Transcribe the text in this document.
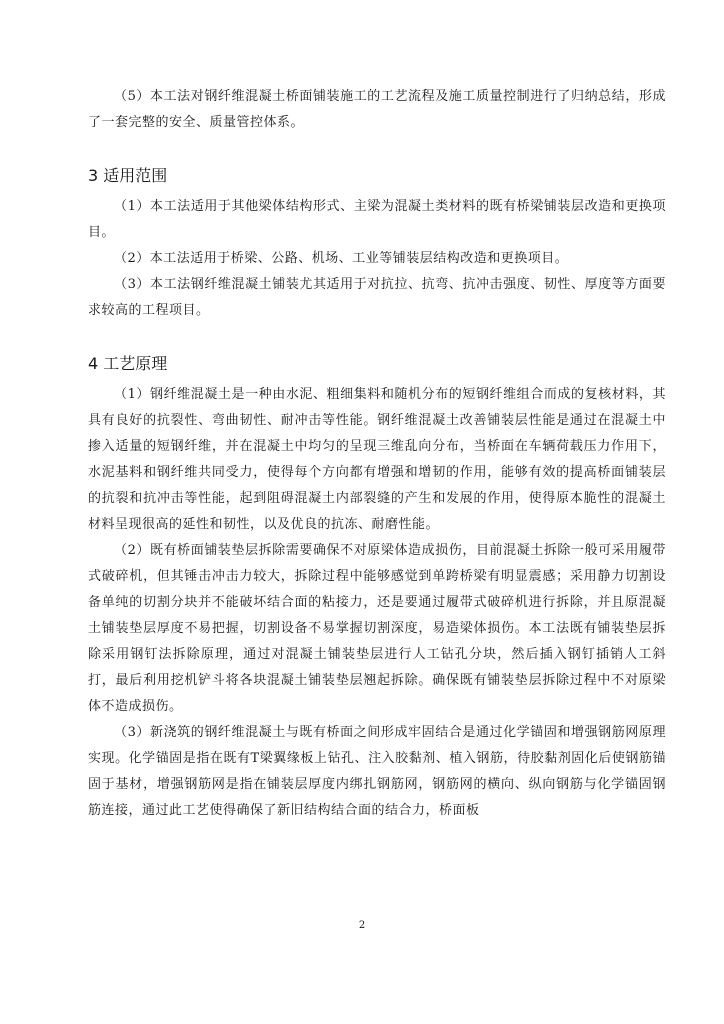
（5）本工法对钢纤维混凝土桥面铺装施工的工艺流程及施工质量控制进行了归纳总结，形成了一套完整的安全、质量管控体系。

3 适用范围

（1）本工法适用于其他梁体结构形式、主梁为混凝土类材料的既有桥梁铺装层改造和更换项目。

（2）本工法适用于桥梁、公路、机场、工业等铺装层结构改造和更换项目。

（3）本工法钢纤维混凝土铺装尤其适用于对抗拉、抗弯、抗冲击强度、韧性、厚度等方面要求较高的工程项目。

4 工艺原理

（1）钢纤维混凝土是一种由水泥、粗细集料和随机分布的短钢纤维组合而成的复核材料，其具有良好的抗裂性、弯曲韧性、耐冲击等性能。钢纤维混凝土改善铺装层性能是通过在混凝土中掺入适量的短钢纤维，并在混凝土中均匀的呈现三维乱向分布，当桥面在车辆荷载压力作用下，水泥基料和钢纤维共同受力，使得每个方向都有增强和增韧的作用，能够有效的提高桥面铺装层的抗裂和抗冲击等性能，起到阻碍混凝土内部裂缝的产生和发展的作用，使得原本脆性的混凝土材料呈现很高的延性和韧性，以及优良的抗冻、耐磨性能。

（2）既有桥面铺装垫层拆除需要确保不对原梁体造成损伤，目前混凝土拆除一般可采用履带式破碎机，但其锤击冲击力较大，拆除过程中能够感觉到单跨桥梁有明显震感；采用静力切割设备单纯的切割分块并不能破坏结合面的粘接力，还是要通过履带式破碎机进行拆除，并且原混凝土铺装垫层厚度不易把握，切割设备不易掌握切割深度，易造梁体损伤。本工法既有铺装垫层拆除采用钢钉法拆除原理，通过对混凝土铺装垫层进行人工钻孔分块，然后插入钢钉插销人工斜打，最后利用挖机铲斗将各块混凝土铺装垫层翘起拆除。确保既有铺装垫层拆除过程中不对原梁体不造成损伤。

（3）新浇筑的钢纤维混凝土与既有桥面之间形成牢固结合是通过化学锚固和增强钢筋网原理实现。化学锚固是指在既有T梁翼缘板上钻孔、注入胶黏剂、植入钢筋，待胶黏剂固化后使钢筋锚固于基材，增强钢筋网是指在铺装层厚度内绑扎钢筋网，钢筋网的横向、纵向钢筋与化学锚固钢筋连接，通过此工艺使得确保了新旧结构结合面的结合力，桥面板

2
